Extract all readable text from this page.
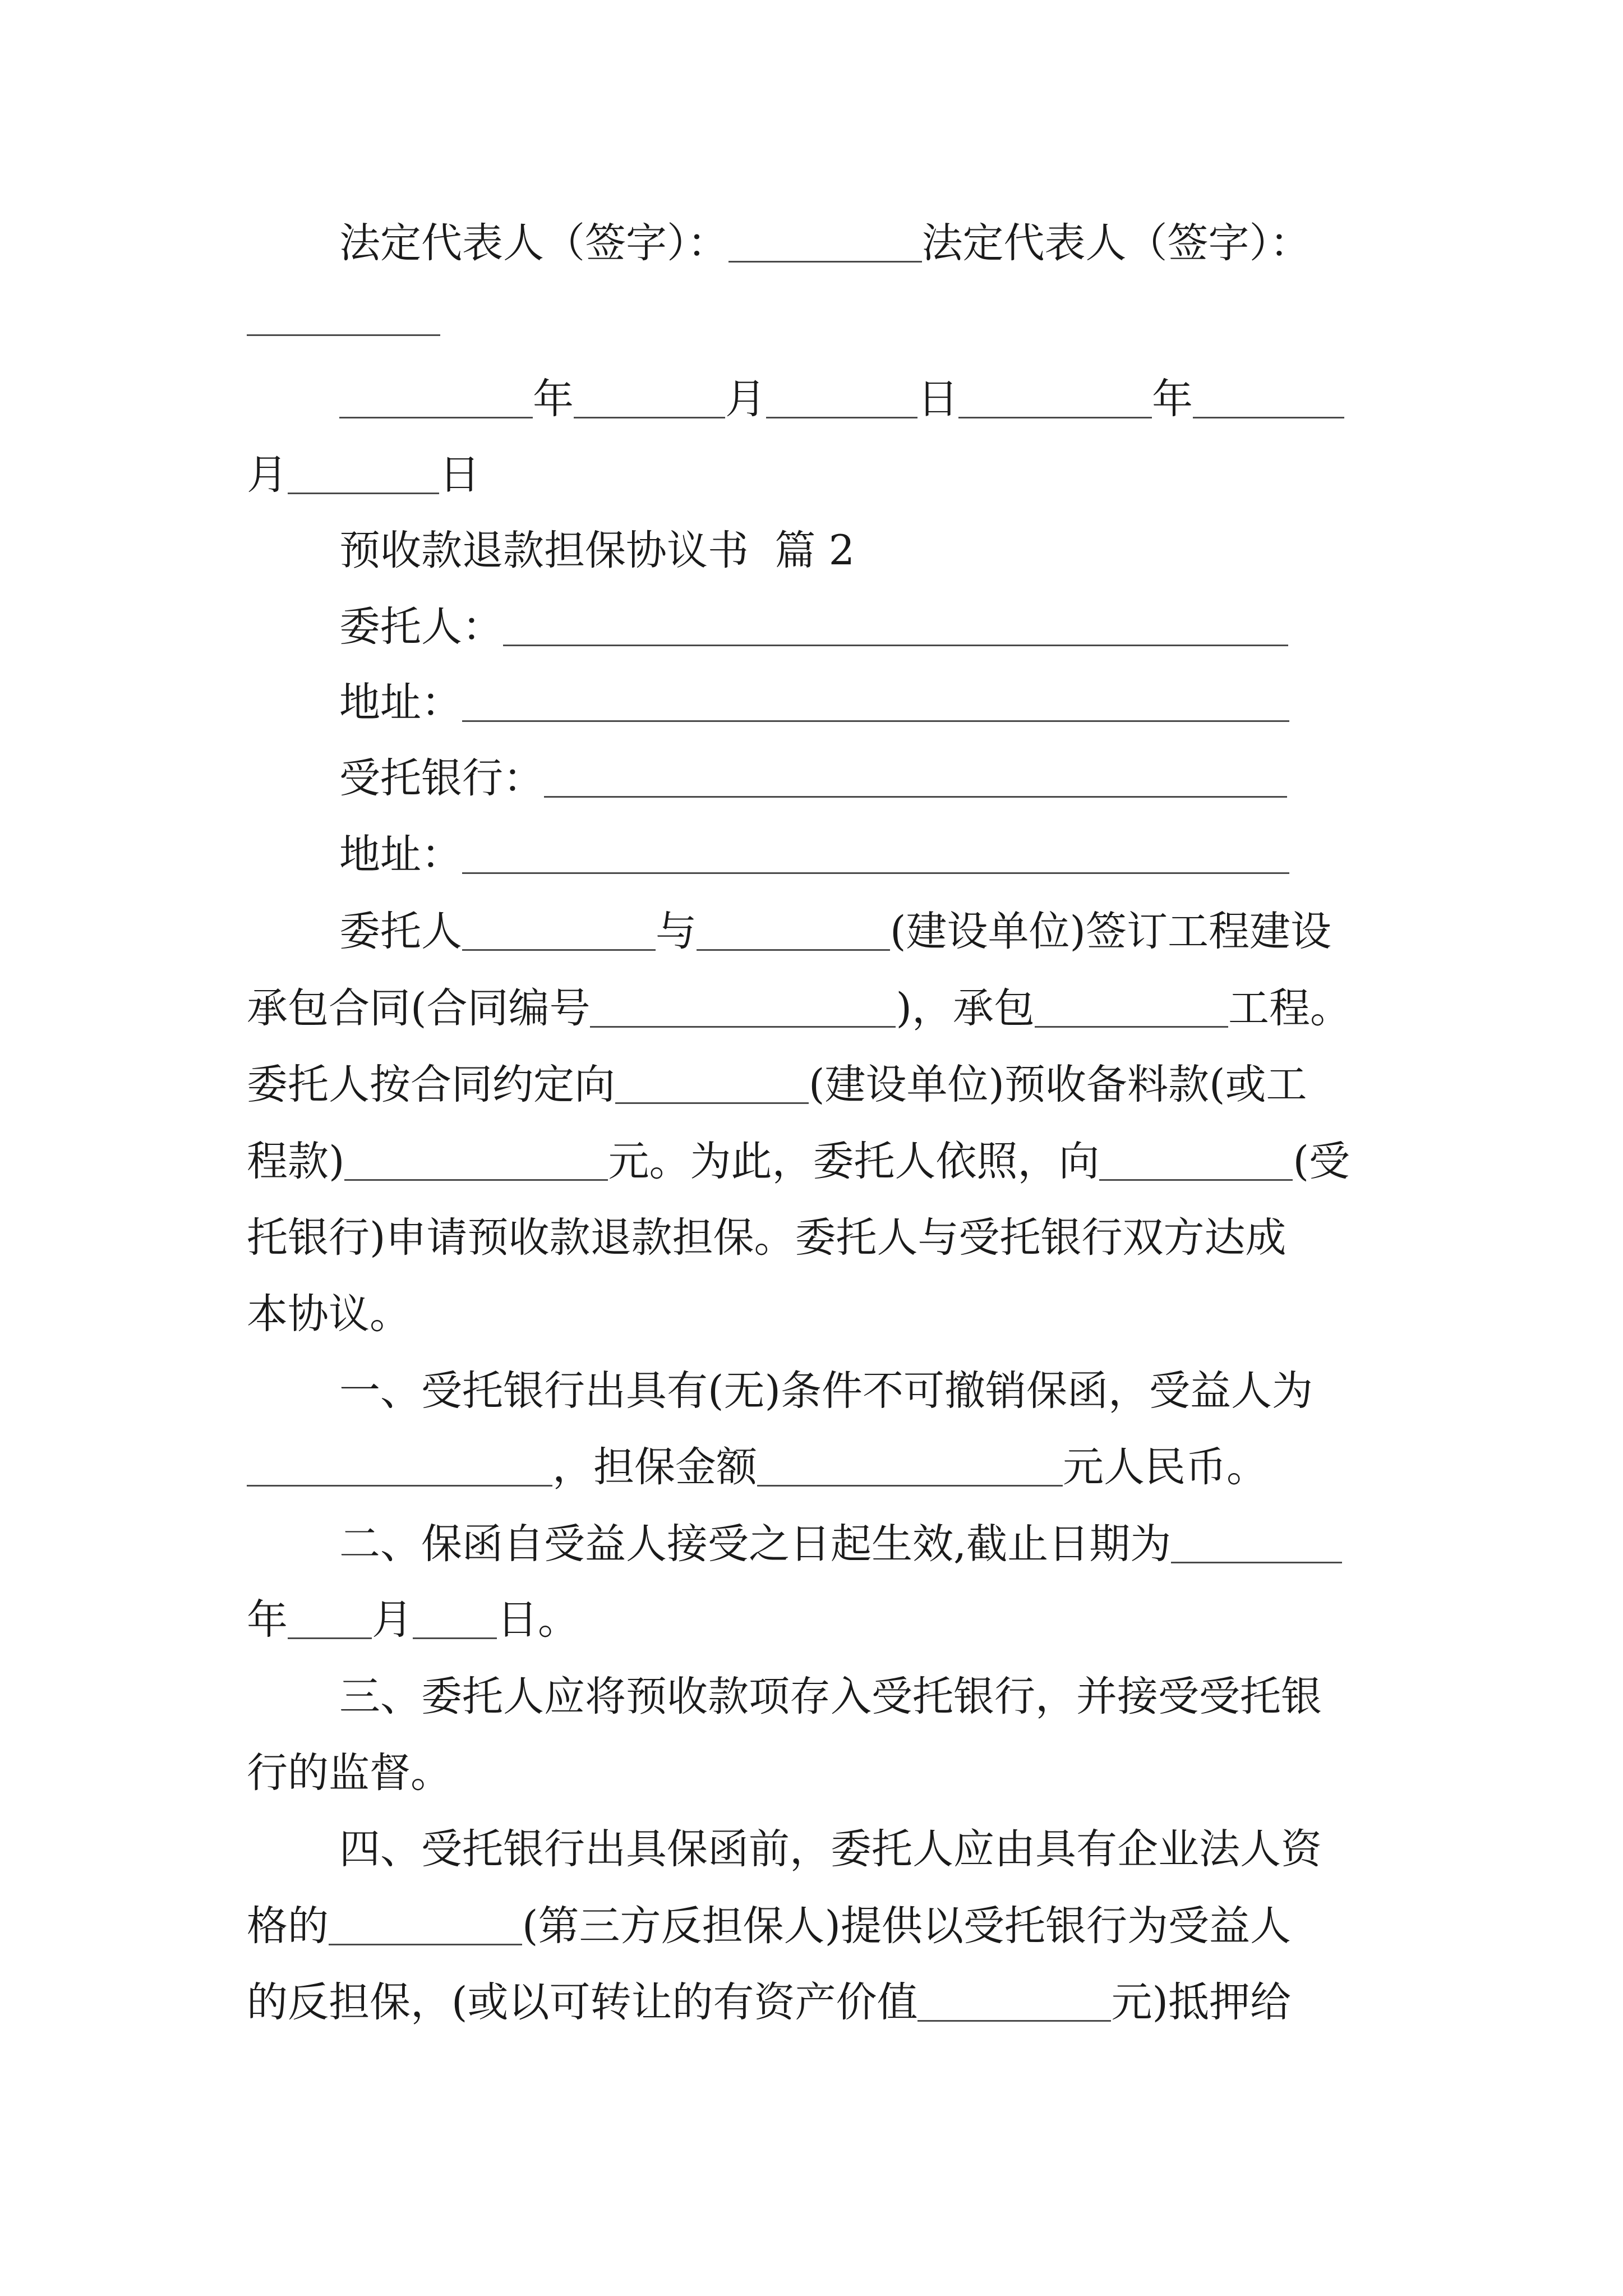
法定代表人（签字）：	法定代表人（签字）：
年	月	日	年
月	日
预收款退款担保协议书  篇 2
委托人：
地址：
受托银行：
地址：
委托人	与	(建设单位)签订工程建设
承包合同(合同编号	)，承包	工程。
委托人按合同约定向	(建设单位)预收备料款(或工
程款)	元。为此，委托人依照，向	(受
托银行)申请预收款退款担保。委托人与受托银行双方达成
本协议。
一、受托银行出具有(无)条件不可撤销保函，受益人为
，担保金额	元人民币。
二、保函自受益人接受之日起生效,截止日期为
年 月 日。
三、委托人应将预收款项存入受托银行，并接受受托银
行的监督。
四、受托银行出具保函前，委托人应由具有企业法人资
格的	(第三方反担保人)提供以受托银行为受益人
的反担保，(或以可转让的有资产价值	元)抵押给
